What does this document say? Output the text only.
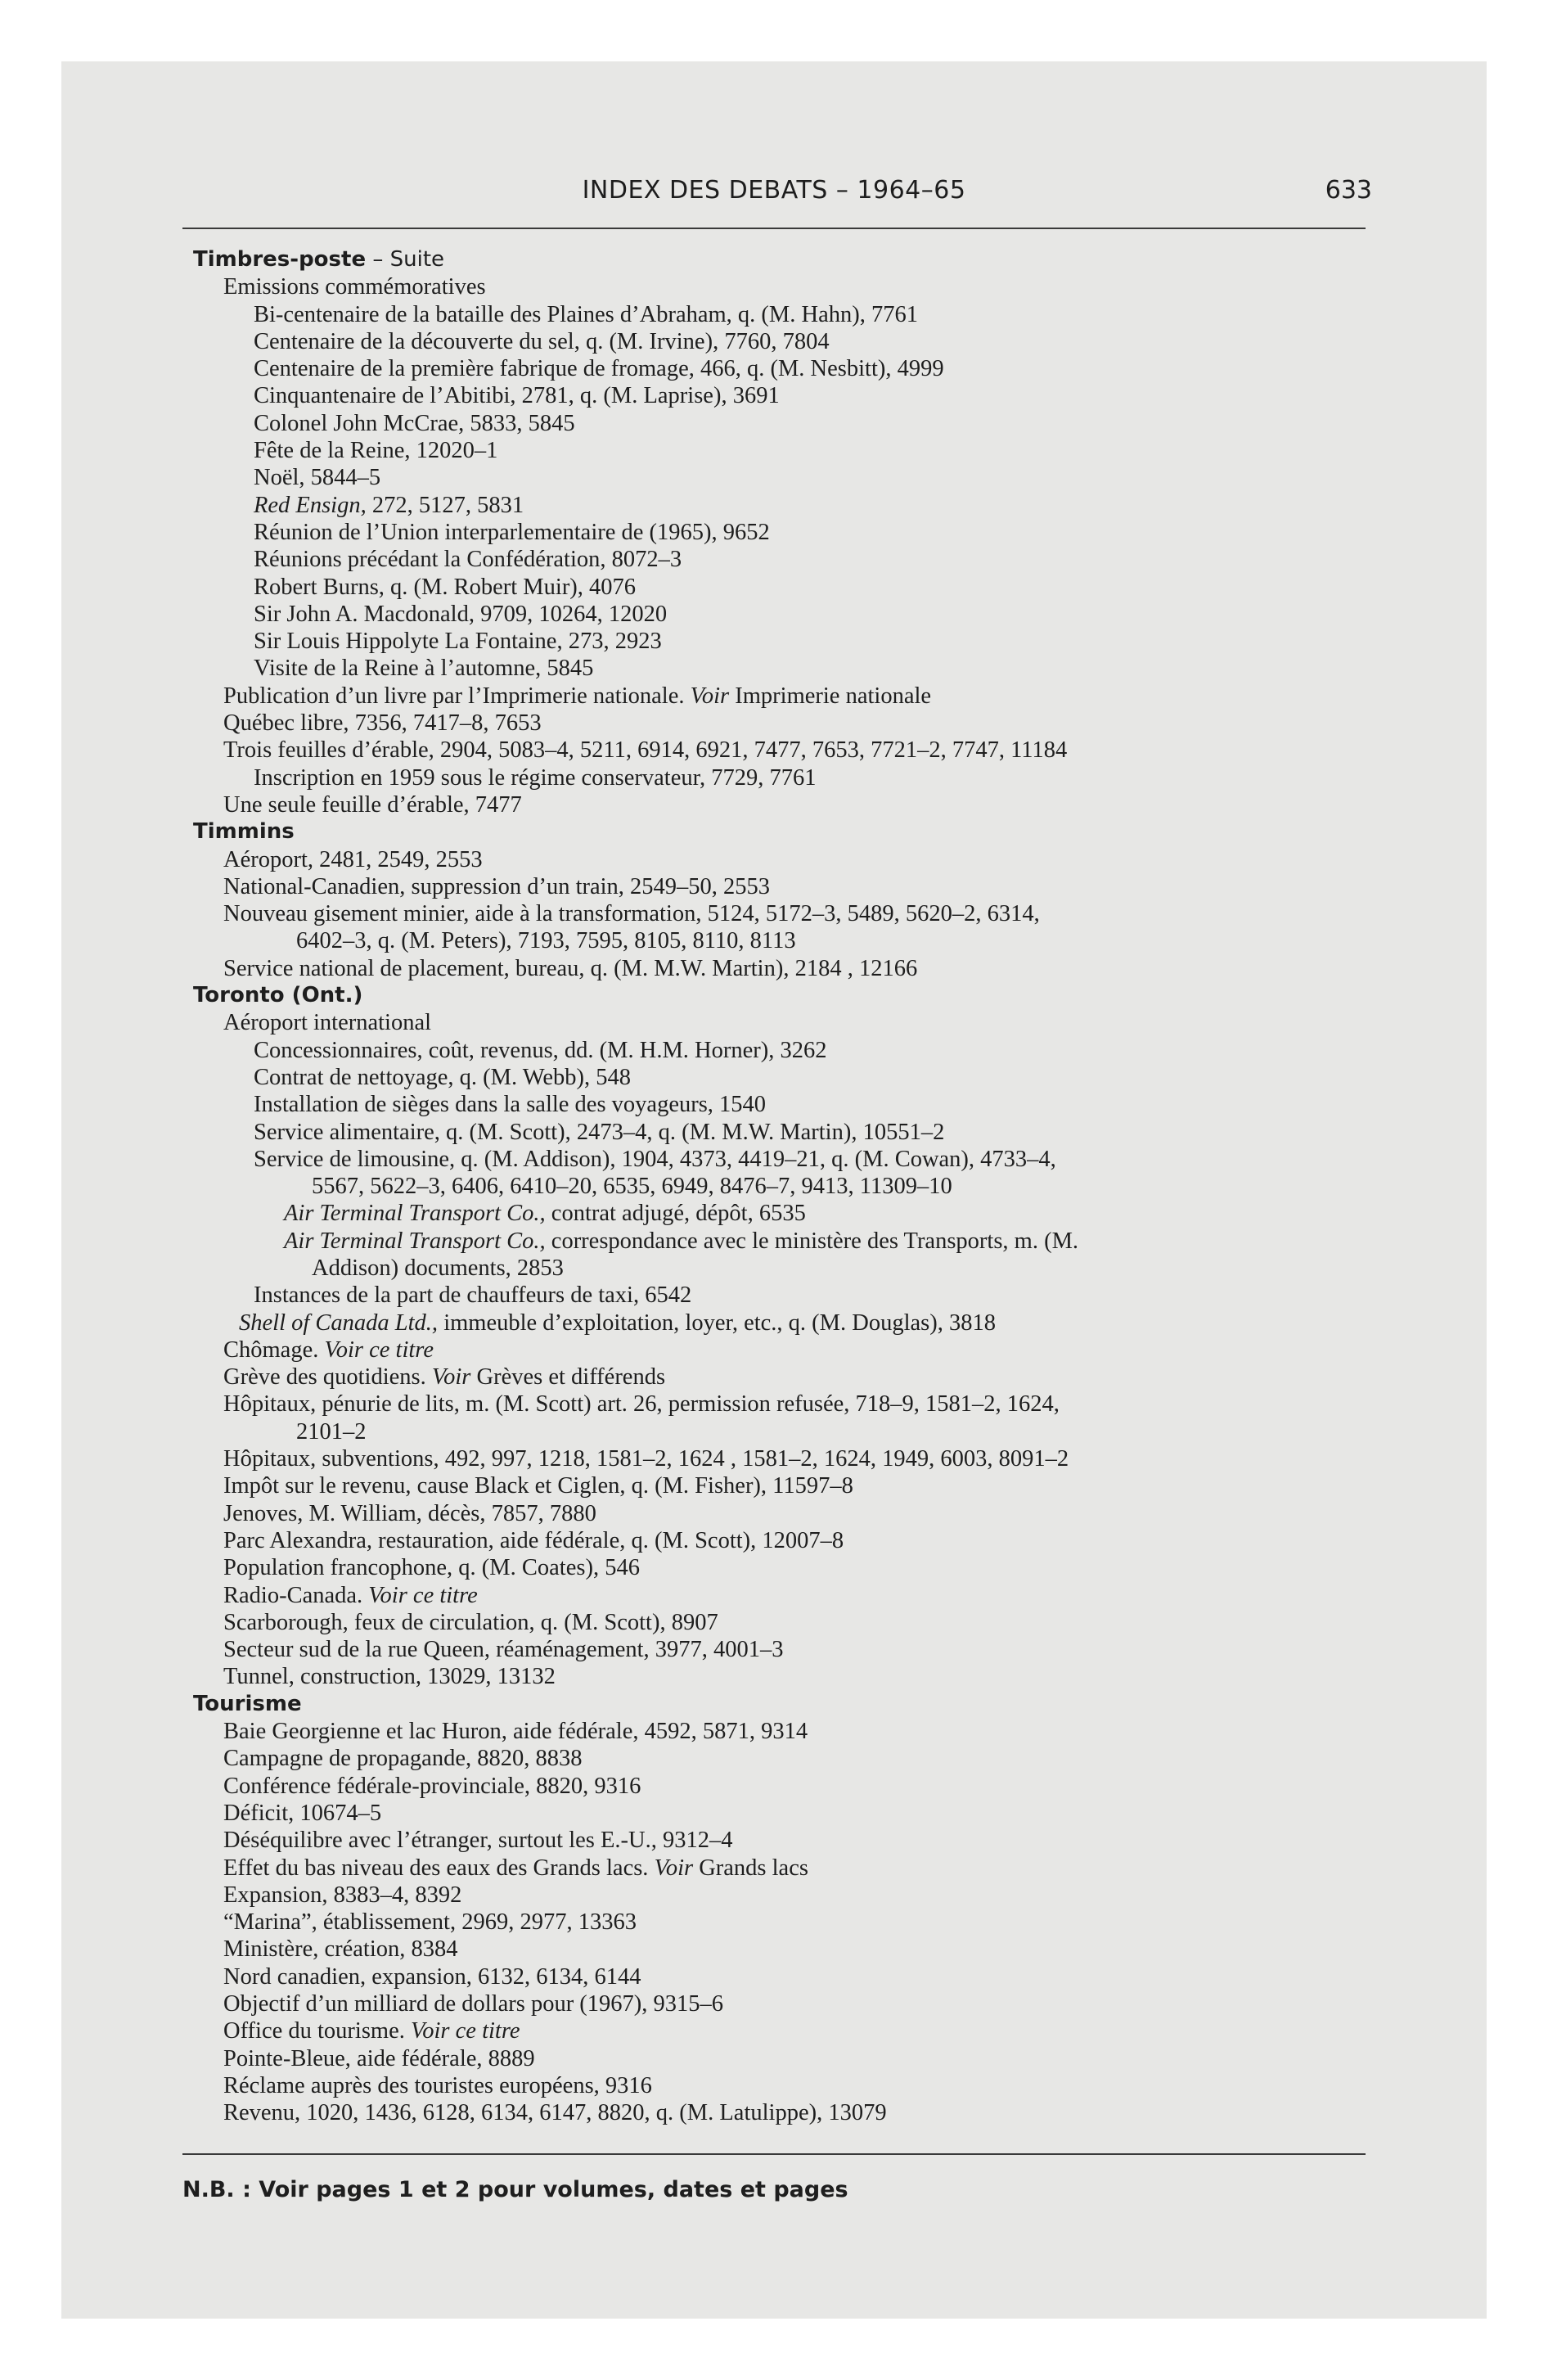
INDEX DES DEBATS – 1964–65	633
Timbres-poste – Suite
Emissions commémoratives
Bi-centenaire de la bataille des Plaines d’Abraham, q. (M. Hahn), 7761
Centenaire de la découverte du sel, q. (M. Irvine), 7760, 7804
Centenaire de la première fabrique de fromage, 466, q. (M. Nesbitt), 4999
Cinquantenaire de l’Abitibi, 2781, q. (M. Laprise), 3691
Colonel John McCrae, 5833, 5845
Fête de la Reine, 12020–1
Noël, 5844–5
Red Ensign, 272, 5127, 5831
Réunion de l’Union interparlementaire de (1965), 9652
Réunions précédant la Confédération, 8072–3
Robert Burns, q. (M. Robert Muir), 4076
Sir John A. Macdonald, 9709, 10264, 12020
Sir Louis Hippolyte La Fontaine, 273, 2923
Visite de la Reine à l’automne, 5845
Publication d’un livre par l’Imprimerie nationale. Voir Imprimerie nationale
Québec libre, 7356, 7417–8, 7653
Trois feuilles d’érable, 2904, 5083–4, 5211, 6914, 6921, 7477, 7653, 7721–2, 7747, 11184
Inscription en 1959 sous le régime conservateur, 7729, 7761
Une seule feuille d’érable, 7477
Timmins
Aéroport, 2481, 2549, 2553
National-Canadien, suppression d’un train, 2549–50, 2553
Nouveau gisement minier, aide à la transformation, 5124, 5172–3, 5489, 5620–2, 6314,
6402–3, q. (M. Peters), 7193, 7595, 8105, 8110, 8113
Service national de placement, bureau, q. (M. M.W. Martin), 2184 , 12166
Toronto (Ont.)
Aéroport international
Concessionnaires, coût, revenus, dd. (M. H.M. Horner), 3262
Contrat de nettoyage, q. (M. Webb), 548
Installation de sièges dans la salle des voyageurs, 1540
Service alimentaire, q. (M. Scott), 2473–4, q. (M. M.W. Martin), 10551–2
Service de limousine, q. (M. Addison), 1904, 4373, 4419–21, q. (M. Cowan), 4733–4,
5567, 5622–3, 6406, 6410–20, 6535, 6949, 8476–7, 9413, 11309–10
Air Terminal Transport Co., contrat adjugé, dépôt, 6535
Air Terminal Transport Co., correspondance avec le ministère des Transports, m. (M.
Addison) documents, 2853
Instances de la part de chauffeurs de taxi, 6542
Shell of Canada Ltd., immeuble d’exploitation, loyer, etc., q. (M. Douglas), 3818
Chômage. Voir ce titre
Grève des quotidiens. Voir Grèves et différends
Hôpitaux, pénurie de lits, m. (M. Scott) art. 26, permission refusée, 718–9, 1581–2, 1624,
2101–2
Hôpitaux, subventions, 492, 997, 1218, 1581–2, 1624 , 1581–2, 1624, 1949, 6003, 8091–2
Impôt sur le revenu, cause Black et Ciglen, q. (M. Fisher), 11597–8
Jenoves, M. William, décès, 7857, 7880
Parc Alexandra, restauration, aide fédérale, q. (M. Scott), 12007–8
Population francophone, q. (M. Coates), 546
Radio-Canada. Voir ce titre
Scarborough, feux de circulation, q. (M. Scott), 8907
Secteur sud de la rue Queen, réaménagement, 3977, 4001–3
Tunnel, construction, 13029, 13132
Tourisme
Baie Georgienne et lac Huron, aide fédérale, 4592, 5871, 9314
Campagne de propagande, 8820, 8838
Conférence fédérale-provinciale, 8820, 9316
Déficit, 10674–5
Déséquilibre avec l’étranger, surtout les E.-U., 9312–4
Effet du bas niveau des eaux des Grands lacs. Voir Grands lacs
Expansion, 8383–4, 8392
“Marina”, établissement, 2969, 2977, 13363
Ministère, création, 8384
Nord canadien, expansion, 6132, 6134, 6144
Objectif d’un milliard de dollars pour (1967), 9315–6
Office du tourisme. Voir ce titre
Pointe-Bleue, aide fédérale, 8889
Réclame auprès des touristes européens, 9316
Revenu, 1020, 1436, 6128, 6134, 6147, 8820, q. (M. Latulippe), 13079
N.B. : Voir pages 1 et 2 pour volumes, dates et pages
